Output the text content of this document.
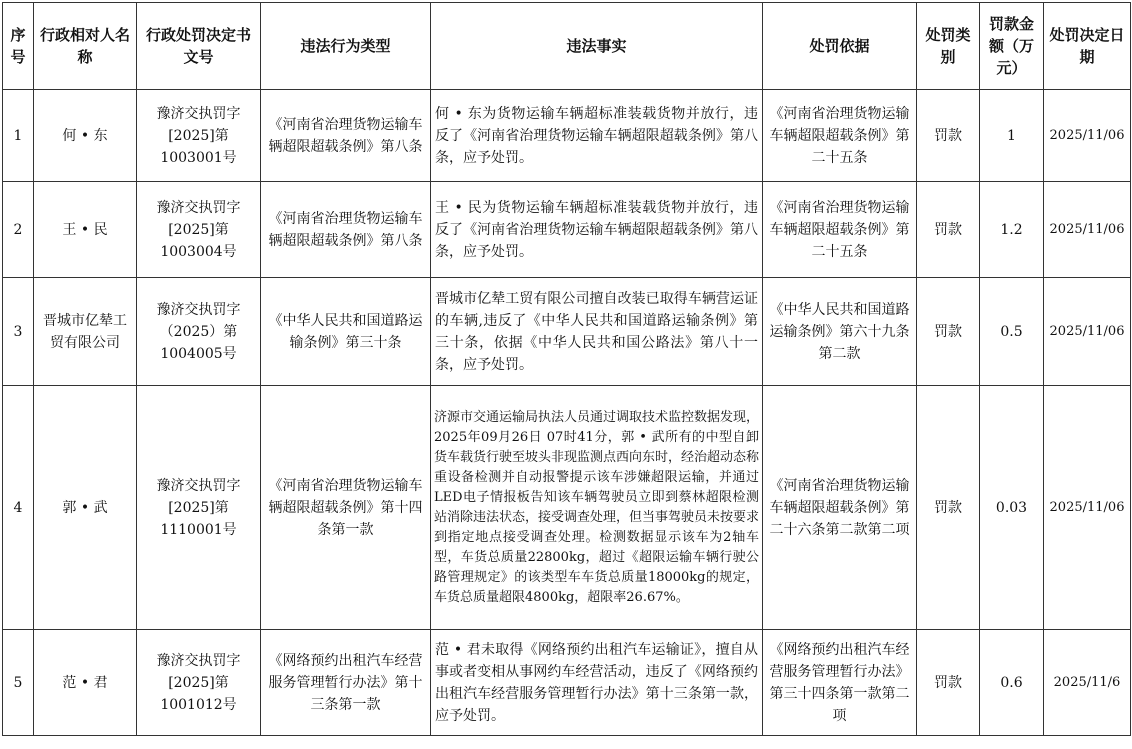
序号	行政相对人名称	行政处罚决定书文号	违法行为类型	违法事实	处罚依据	处罚类别	罚款金额（万元）	处罚决定日期
1	何 • 东	豫济交执罚字[2025]第1003001号	《河南省治理货物运输车辆超限超载条例》第八条	何 • 东为货物运输车辆超标准装载货物并放行，违反了《河南省治理货物运输车辆超限超载条例》第八条，应予处罚。	《河南省治理货物运输车辆超限超载条例》第二十五条	罚款	1	2025/11/06
2	王 • 民	豫济交执罚字[2025]第1003004号	《河南省治理货物运输车辆超限超载条例》第八条	王 • 民为货物运输车辆超标准装载货物并放行，违反了《河南省治理货物运输车辆超限超载条例》第八条，应予处罚。	《河南省治理货物运输车辆超限超载条例》第二十五条	罚款	1.2	2025/11/06
3	晋城市亿辇工贸有限公司	豫济交执罚字（2025）第1004005号	《中华人民共和国道路运输条例》第三十条	晋城市亿辇工贸有限公司擅自改装已取得车辆营运证的车辆,违反了《中华人民共和国道路运输条例》第三十条，依据《中华人民共和国公路法》第八十一条，应予处罚。	《中华人民共和国道路运输条例》第六十九条第二款	罚款	0.5	2025/11/06
4	郭 • 武	豫济交执罚字[2025]第1110001号	《河南省治理货物运输车辆超限超载条例》第十四条第一款	济源市交通运输局执法人员通过调取技术监控数据发现，2025年09月26日 07时41分，郭 • 武所有的中型自卸货车载货行驶至坡头非现监测点西向东时，经治超动态称重设备检测并自动报警提示该车涉嫌超限运输，并通过LED电子情报板告知该车辆驾驶员立即到蔡林超限检测站消除违法状态，接受调查处理，但当事驾驶员未按要求到指定地点接受调查处理。检测数据显示该车为2轴车型，车货总质量22800kg，超过《超限运输车辆行驶公路管理规定》的该类型车车货总质量18000kg的规定，车货总质量超限4800kg，超限率26.67%。	《河南省治理货物运输车辆超限超载条例》第二十六条第二款第二项	罚款	0.03	2025/11/06
5	范 • 君	豫济交执罚字[2025]第1001012号	《网络预约出租汽车经营服务管理暂行办法》第十三条第一款	范 • 君未取得《网络预约出租汽车运输证》，擅自从事或者变相从事网约车经营活动，违反了《网络预约出租汽车经营服务管理暂行办法》第十三条第一款，应予处罚。	《网络预约出租汽车经营服务管理暂行办法》第三十四条第一款第二项	罚款	0.6	2025/11/6
